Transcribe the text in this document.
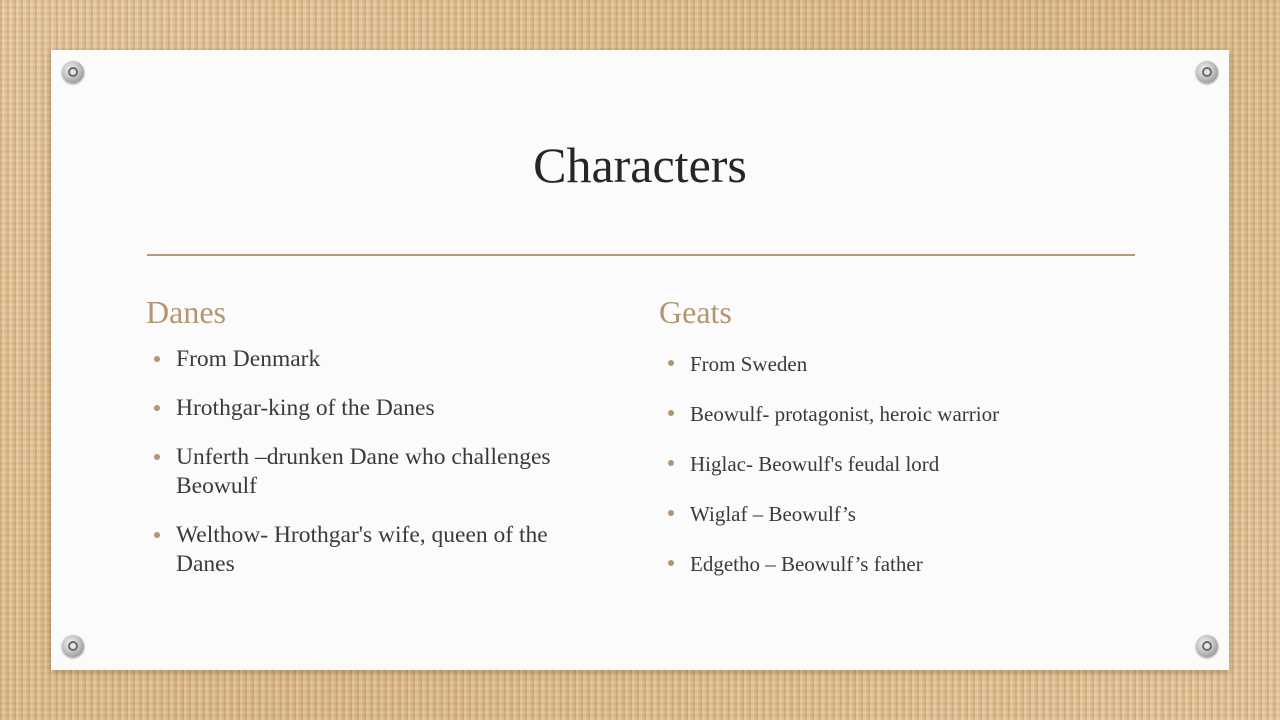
Characters
Danes
From Denmark
Hrothgar-king of the Danes
Unferth –drunken Dane who challenges Beowulf
Welthow- Hrothgar's wife, queen of the Danes
Geats
From Sweden
Beowulf- protagonist, heroic warrior
Higlac- Beowulf's feudal lord
Wiglaf – Beowulf’s
Edgetho – Beowulf’s father
